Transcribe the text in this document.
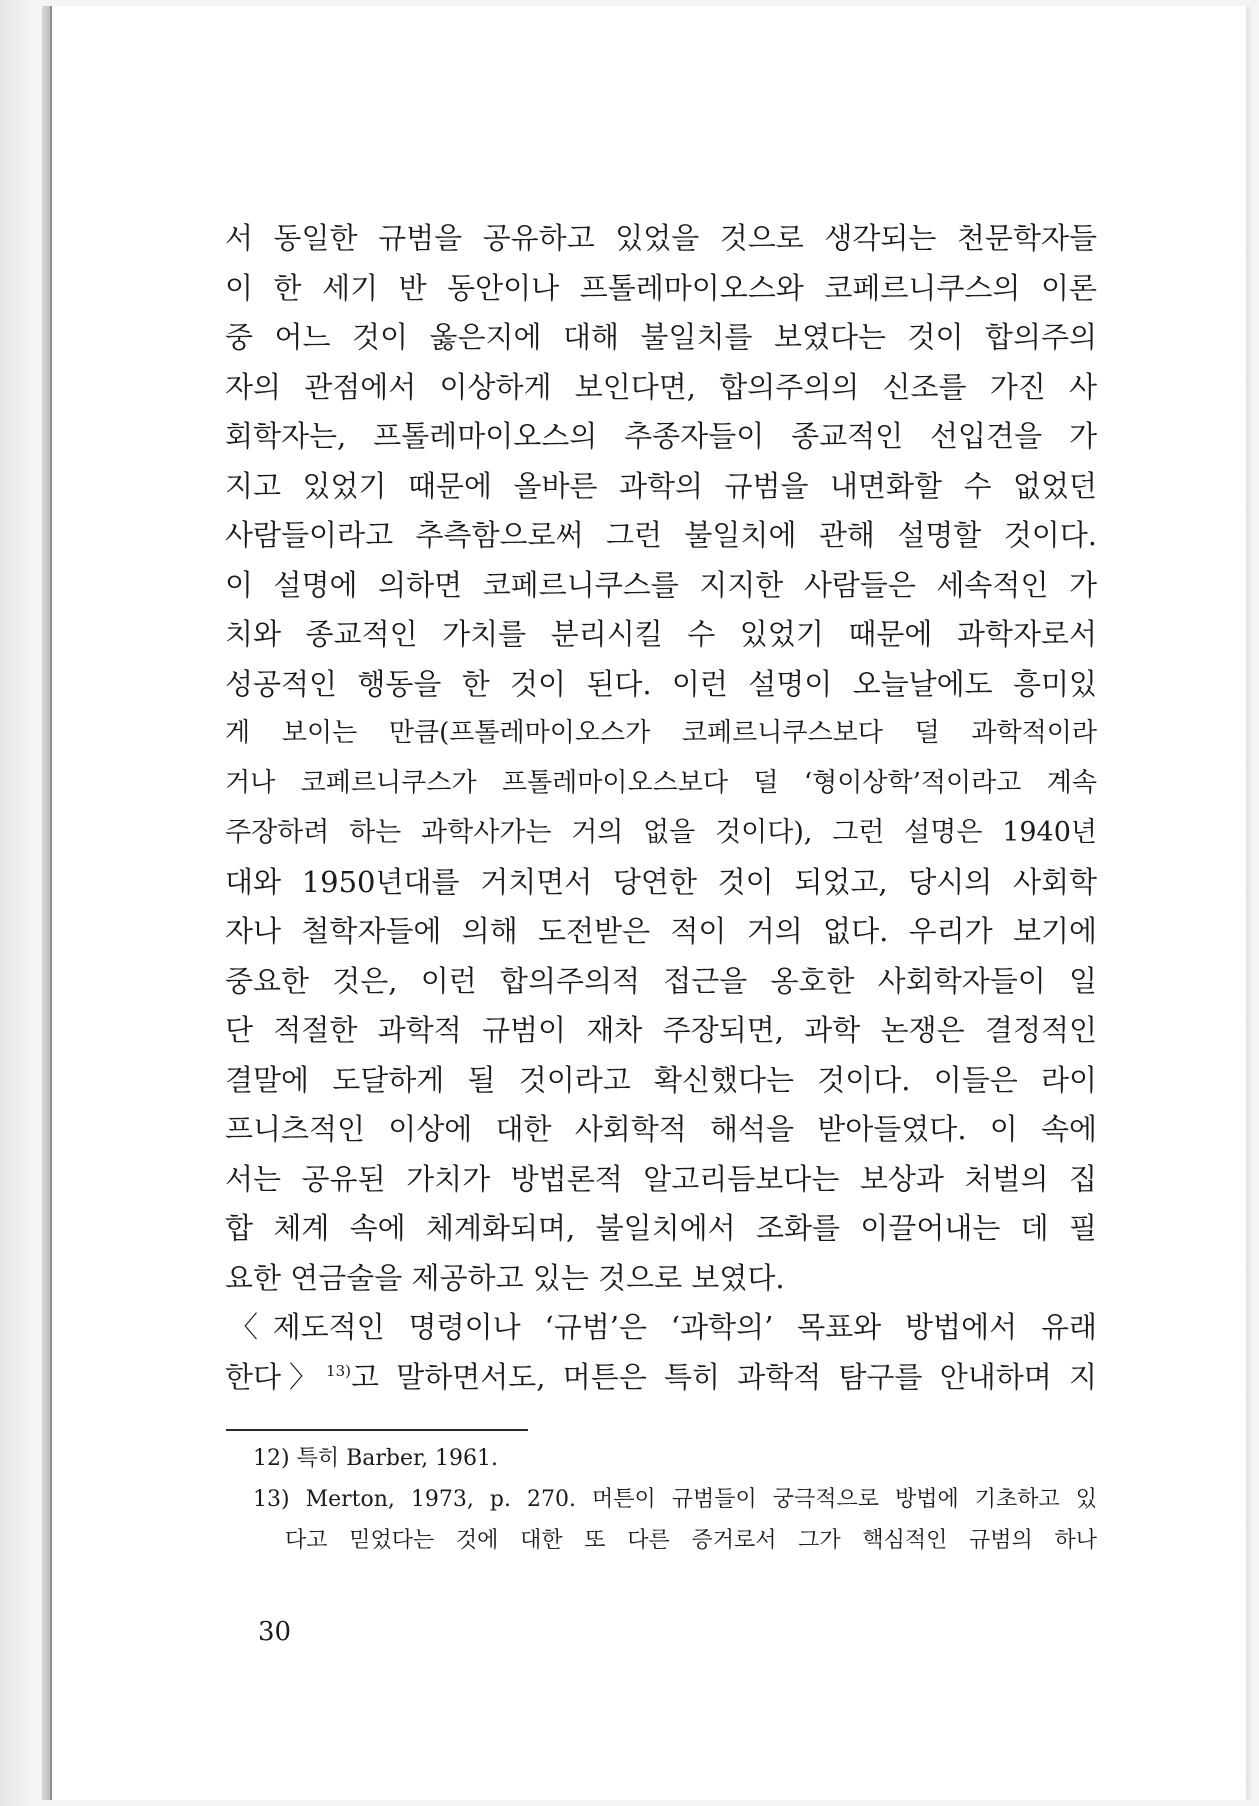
서 동일한 규범을 공유하고 있었을 것으로 생각되는 천문학자들
이 한 세기 반 동안이나 프톨레마이오스와 코페르니쿠스의 이론
중 어느 것이 옳은지에 대해 불일치를 보였다는 것이 합의주의
자의 관점에서 이상하게 보인다면, 합의주의의 신조를 가진 사
회학자는, 프톨레마이오스의 추종자들이 종교적인 선입견을 가
지고 있었기 때문에 올바른 과학의 규범을 내면화할 수 없었던
사람들이라고 추측함으로써 그런 불일치에 관해 설명할 것이다.
이 설명에 의하면 코페르니쿠스를 지지한 사람들은 세속적인 가
치와 종교적인 가치를 분리시킬 수 있었기 때문에 과학자로서
성공적인 행동을 한 것이 된다. 이런 설명이 오늘날에도 흥미있
게 보이는 만큼(프톨레마이오스가 코페르니쿠스보다 덜 과학적이라
거나 코페르니쿠스가 프톨레마이오스보다 덜 ‘형이상학’적이라고 계속
주장하려 하는 과학사가는 거의 없을 것이다), 그런 설명은 1940년
대와 1950년대를 거치면서 당연한 것이 되었고, 당시의 사회학
자나 철학자들에 의해 도전받은 적이 거의 없다. 우리가 보기에
중요한 것은, 이런 합의주의적 접근을 옹호한 사회학자들이 일
단 적절한 과학적 규범이 재차 주장되면, 과학 논쟁은 결정적인
결말에 도달하게 될 것이라고 확신했다는 것이다. 이들은 라이
프니츠적인 이상에 대한 사회학적 해석을 받아들였다. 이 속에
서는 공유된 가치가 방법론적 알고리듬보다는 보상과 처벌의 집
합 체계 속에 체계화되며, 불일치에서 조화를 이끌어내는 데 필
요한 연금술을 제공하고 있는 것으로 보였다.
〈제도적인 명령이나 ‘규범’은 ‘과학의’ 목표와 방법에서 유래
한다〉$^{13)}$고 말하면서도, 머튼은 특히 과학적 탐구를 안내하며 지
12) 특히 Barber, 1961.
13) Merton, 1973, p. 270. 머튼이 규범들이 궁극적으로 방법에 기초하고 있
다고 믿었다는 것에 대한 또 다른 증거로서 그가 핵심적인 규범의 하나
30
